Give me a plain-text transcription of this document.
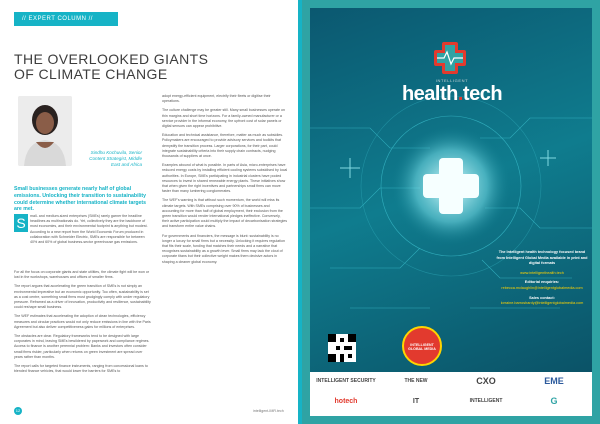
// EXPERT COLUMN //
THE OVERLOOKED GIANTS OF CLIMATE CHANGE
Sindhu Kochuvila, Senior Content Strategist, Middle East and Africa
Small businesses generate nearly half of global emissions. Unlocking their transition to sustainability could determine whether international climate targets are met.
S	mall- and medium-sized enterprises (SMEs) rarely garner the headline headlines as multinationals do. Yet, collectively they are the backbone of most economies, and their environmental footprint is anything but modest. According to a new report from the World Economic Forum produced in collaboration with Schneider Electric, SMEs are responsible for between 40% and 60% of global business-sector greenhouse gas emissions.

For all the focus on corporate giants and state utilities, the climate fight will be won or lost in the workshops, warehouses and offices of smaller firms.

The report argues that accelerating the green transition of SMEs is not simply an environmental imperative but an economic opportunity. Too often, sustainability is set as a cost centre, something small firms must grudgingly comply with under regulatory pressure. Reframed as a driver of innovation, productivity and resilience, sustainability could reshape small business.

The WEF estimates that accelerating the adoption of clean technologies, efficiency measures and circular practices would not only reduce emissions in line with the Paris Agreement but also deliver competitiveness gains for millions of enterprises.

The obstacles are clear. Regulatory frameworks tend to be designed with large corporates in mind, leaving SMEs bewildered by paperwork and compliance regimes. Access to finance is another perennial problem: Banks and investors often consider small firms riskier, particularly when returns on green investment are spread over years rather than months.

The report calls for targeted finance instruments, ranging from concessional loans to blended finance vehicles, that would lower the barriers for SMEs to

adopt energy-efficient equipment, electrify their fleets or digitise their operations.

The culture challenge may be greater still. Many small businesses operate on thin margins and short time horizons. For a family-owned manufacturer or a service provider in the informal economy, the upfront cost of solar panels or digital sensors can appear prohibitive.

Education and technical assistance, therefore, matter as much as subsidies. Policymakers are encouraged to provide advisory services and toolkits that demystify the transition process. Larger corporations, for their part, could integrate sustainability criteria into their supply chain contracts, nudging thousands of suppliers at once.

Examples abound of what is possible. In parts of Asia, micro-enterprises have reduced energy costs by installing efficient cooling systems subsidised by local authorities. In Europe, SMEs participating in industrial clusters have pooled resources to invest in shared renewable energy plants. These initiatives show that when given the right incentives and partnerships small firms can move faster than many lumbering conglomerates.

The WEF's warning is that without such momentum, the world will miss its climate targets. With SMEs comprising over 90% of businesses and accounting for more than half of global employment, their exclusion from the green transition would render international pledges ineffective. Conversely, their active participation could multiply the impact of decarbonisation strategies and transform entire value chains.

For governments and financiers, the message is blunt: sustainability is no longer a luxury for small firms but a necessity. Unlocking it requires regulation that fits their scale, funding that matches their needs and a narrative that recognises sustainability as a growth lever. Small firms may lack the clout of corporate titans but their collective weight makes them decisive actors in shaping a cleaner global economy.

12	intelligent-IMR.tech
INTELLIGENT
health.tech

The Intelligent health technology focused brand from Intelligent Global Media available in print and digital formats

www.intelligenthealth.tech

Editorial enquiries:
rebecca.mclaughlin@intelligentglobalmedia.com

Sales contact:
lorraine.barroshardy@intelligentglobalmedia.com

INTELLIGENT GLOBAL MEDIA
INTELLIGENT SECURITY	THE NEW	CXO	EME
hotech	IT	INTELLIGENT	G
